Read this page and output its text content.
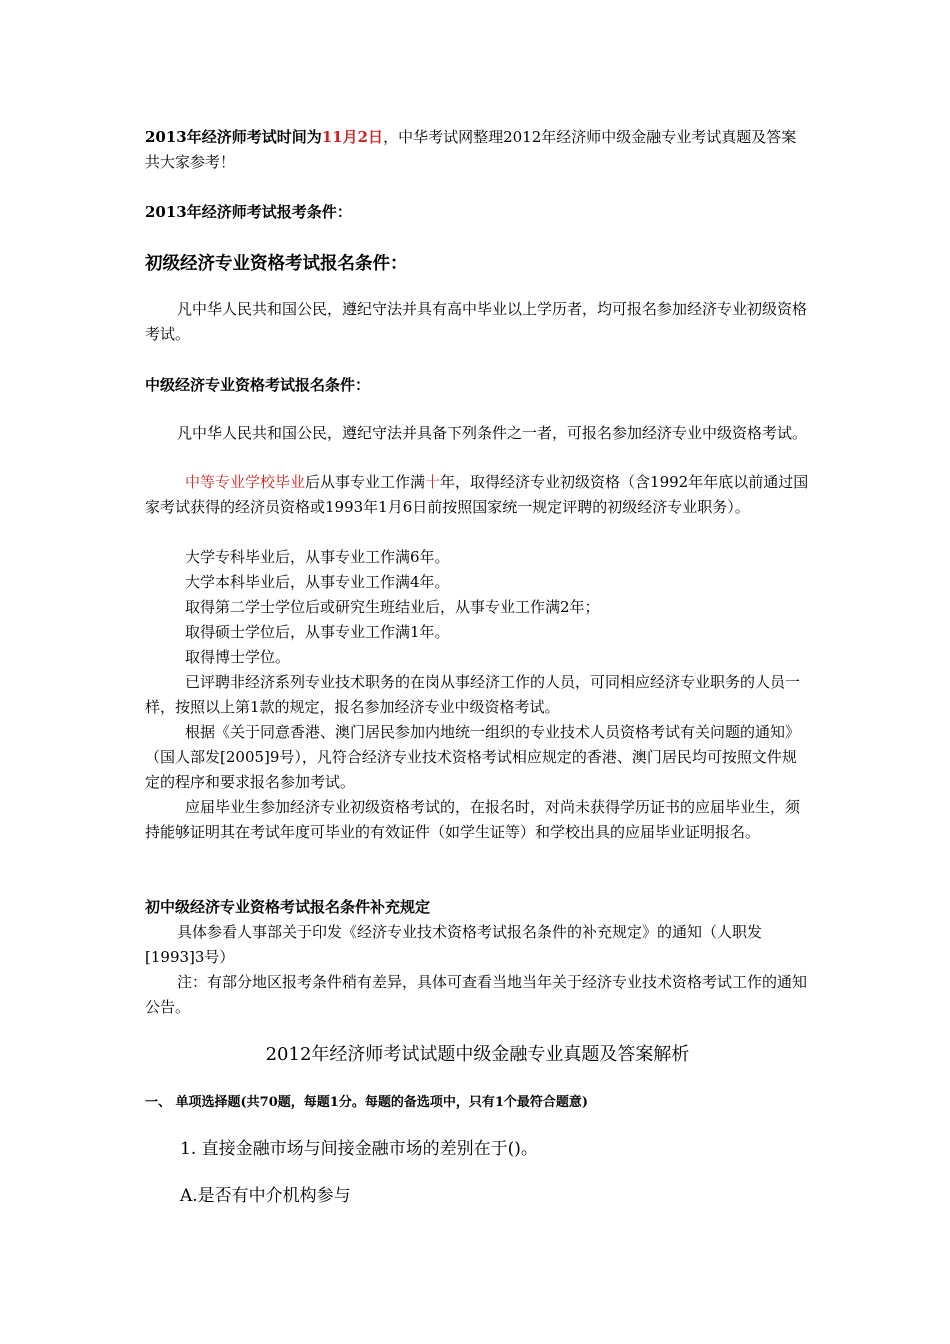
2013年经济师考试时间为11月2日，中华考试网整理2012年经济师中级金融专业考试真题及答案共大家参考！

2013年经济师考试报考条件：

初级经济专业资格考试报名条件：

凡中华人民共和国公民，遵纪守法并具有高中毕业以上学历者，均可报名参加经济专业初级资格考试。

中级经济专业资格考试报名条件：

凡中华人民共和国公民，遵纪守法并具备下列条件之一者，可报名参加经济专业中级资格考试。

中等专业学校毕业后从事专业工作满十年，取得经济专业初级资格（含1992年年底以前通过国家考试获得的经济员资格或1993年1月6日前按照国家统一规定评聘的初级经济专业职务）。

大学专科毕业后，从事专业工作满6年。
大学本科毕业后，从事专业工作满4年。
取得第二学士学位后或研究生班结业后，从事专业工作满2年；
取得硕士学位后，从事专业工作满1年。
取得博士学位。

已评聘非经济系列专业技术职务的在岗从事经济工作的人员，可同相应经济专业职务的人员一样，按照以上第1款的规定，报名参加经济专业中级资格考试。

根据《关于同意香港、澳门居民参加内地统一组织的专业技术人员资格考试有关问题的通知》（国人部发[2005]9号），凡符合经济专业技术资格考试相应规定的香港、澳门居民均可按照文件规定的程序和要求报名参加考试。

应届毕业生参加经济专业初级资格考试的，在报名时，对尚未获得学历证书的应届毕业生，须持能够证明其在考试年度可毕业的有效证件（如学生证等）和学校出具的应届毕业证明报名。

初中级经济专业资格考试报名条件补充规定

具体参看人事部关于印发《经济专业技术资格考试报名条件的补充规定》的通知（人职发[1993]3号）

注：有部分地区报考条件稍有差异，具体可查看当地当年关于经济专业技术资格考试工作的通知公告。

2012年经济师考试试题中级金融专业真题及答案解析

一、 单项选择题(共70题，每题1分。每题的备选项中，只有1个最符合题意)

1. 直接金融市场与间接金融市场的差别在于()。

A.是否有中介机构参与
